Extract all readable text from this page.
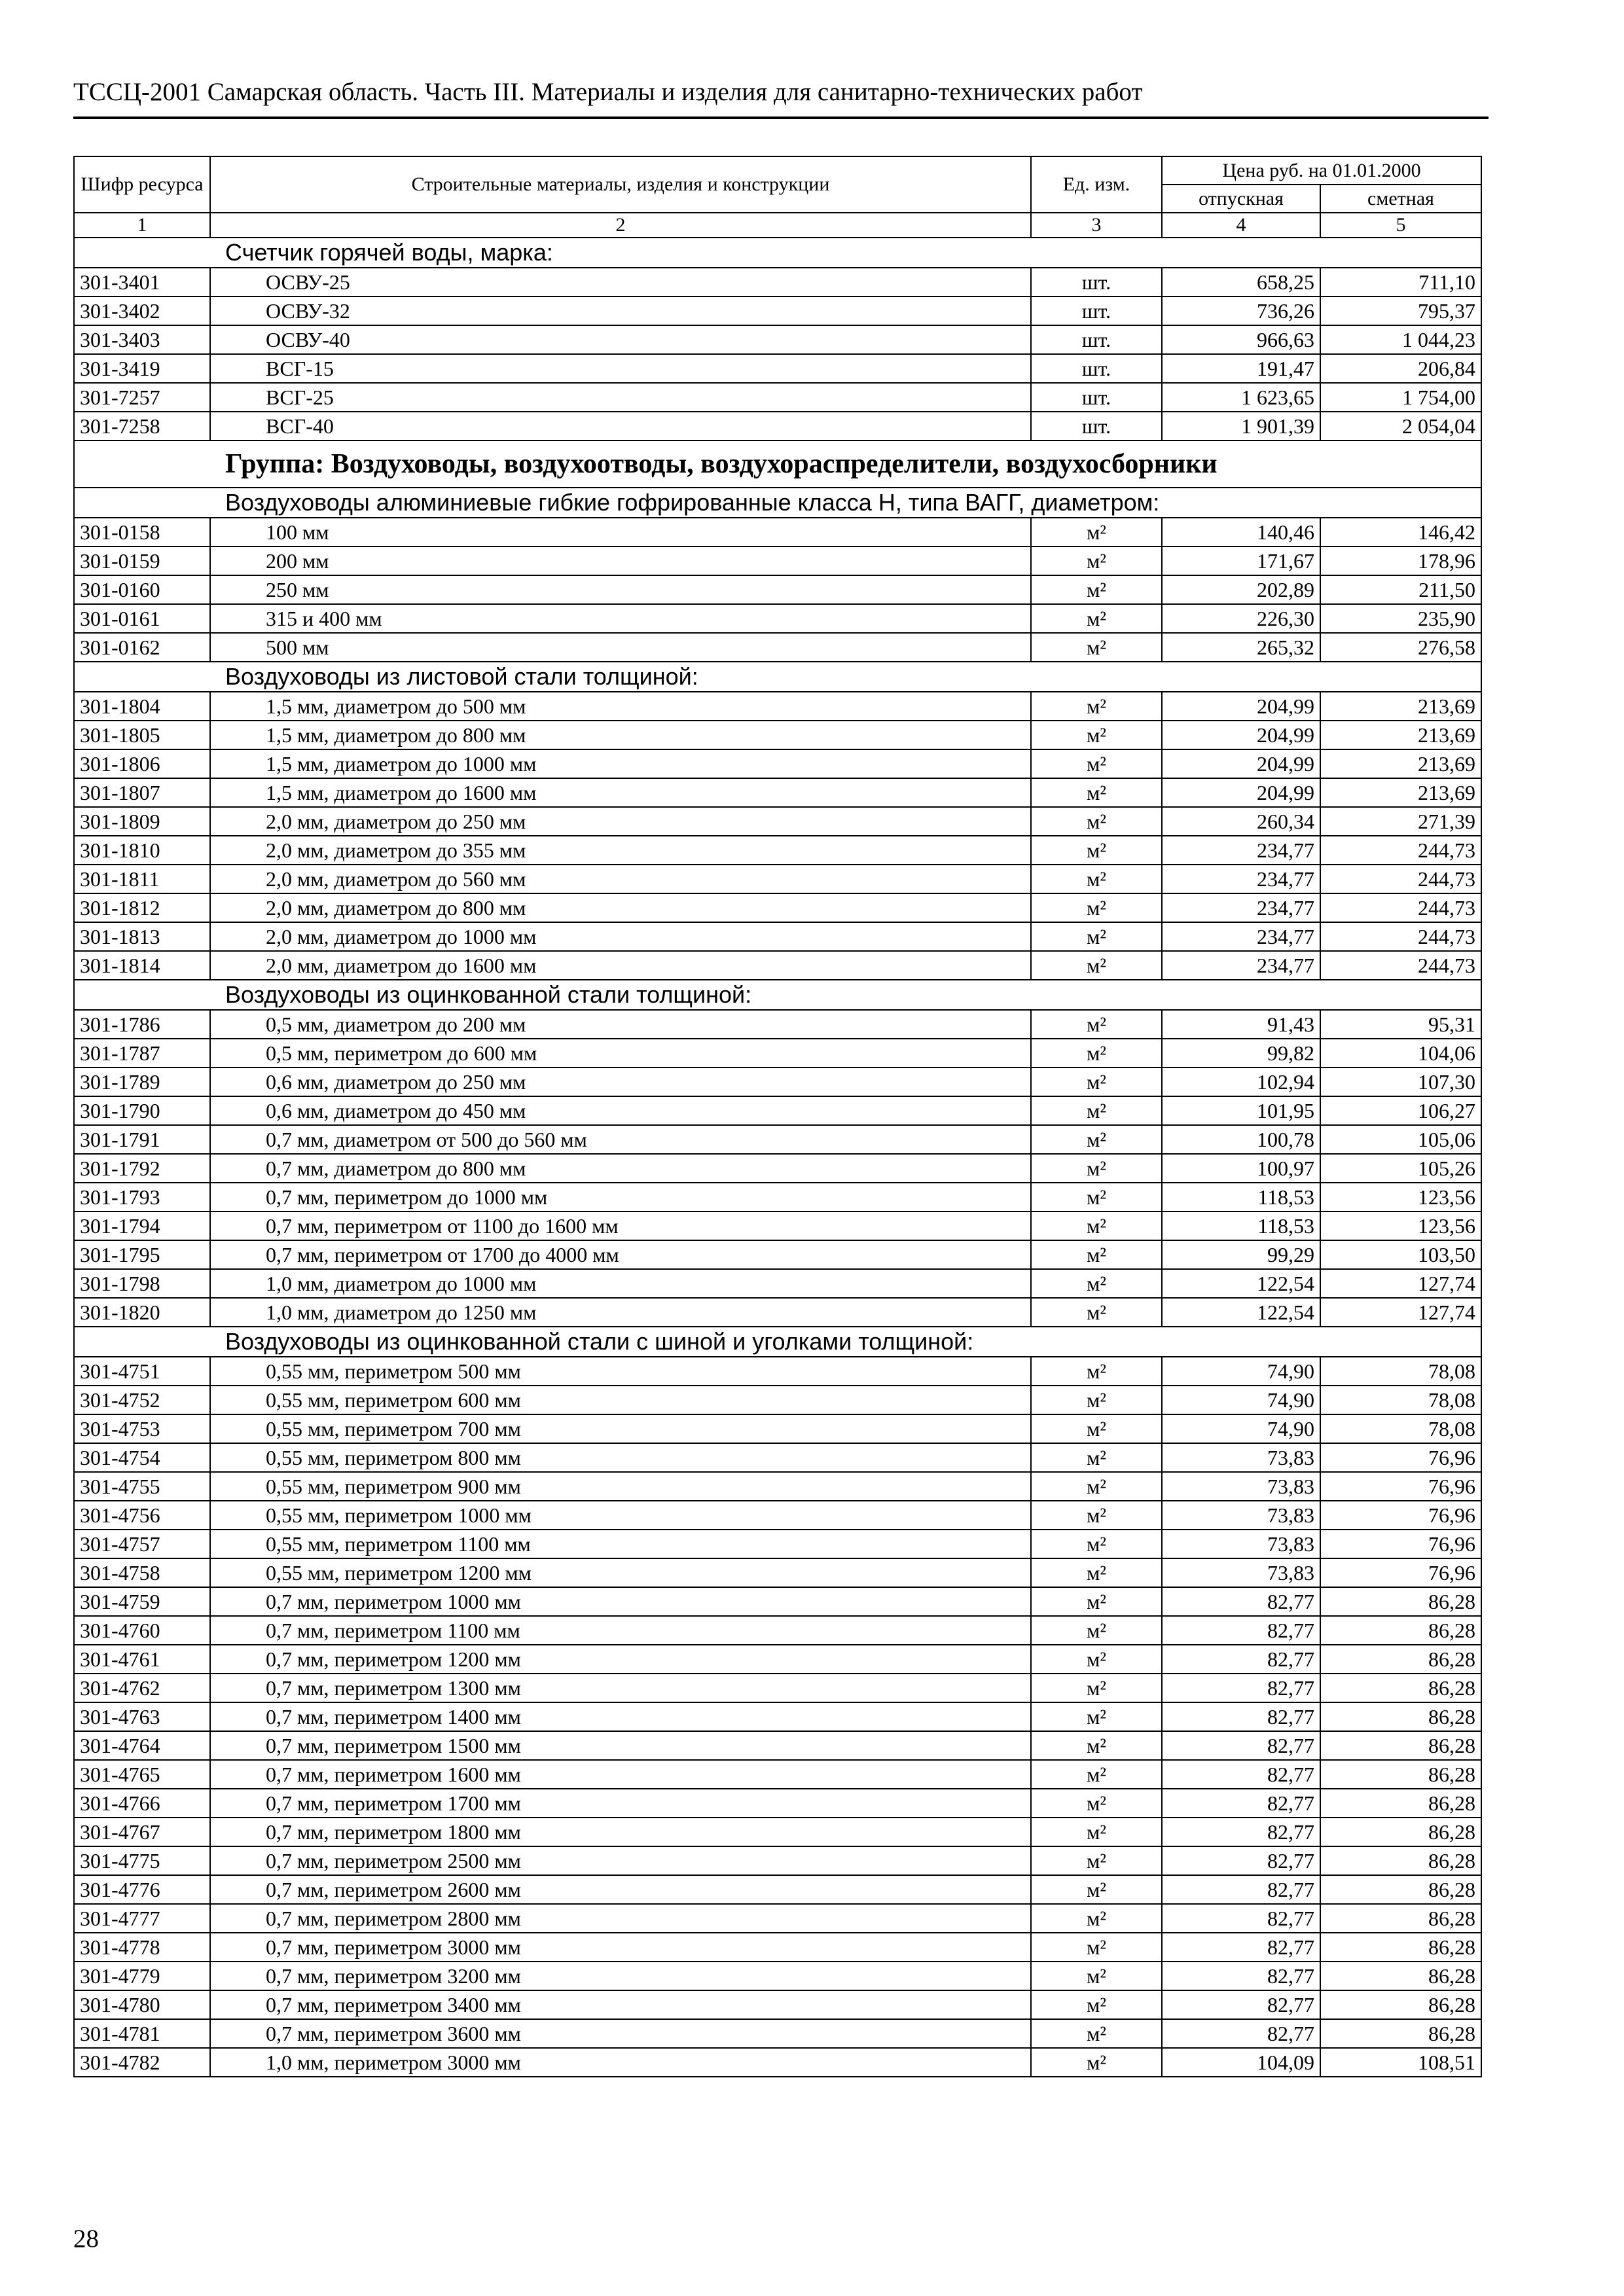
ТССЦ-2001 Самарская область. Часть III. Материалы и изделия для санитарно-технических работ
Шифр ресурса	Строительные материалы, изделия и конструкции	Ед. изм.	Цена руб. на 01.01.2000	
			отпускная	сметная
1	2	3	4	5
Счетчик горячей воды, марка:				
301-3401	ОСВУ-25	шт.	658,25	711,10
301-3402	ОСВУ-32	шт.	736,26	795,37
301-3403	ОСВУ-40	шт.	966,63	1 044,23
301-3419	ВСГ-15	шт.	191,47	206,84
301-7257	ВСГ-25	шт.	1 623,65	1 754,00
301-7258	ВСГ-40	шт.	1 901,39	2 054,04
Группа: Воздуховоды, воздухоотводы, воздухораспределители, воздухосборники				
Воздуховоды алюминиевые гибкие гофрированные класса Н, типа ВАГГ, диаметром:				
301-0158	100 мм	м²	140,46	146,42
301-0159	200 мм	м²	171,67	178,96
301-0160	250 мм	м²	202,89	211,50
301-0161	315 и 400 мм	м²	226,30	235,90
301-0162	500 мм	м²	265,32	276,58
Воздуховоды из листовой стали толщиной:				
301-1804	1,5 мм, диаметром до 500 мм	м²	204,99	213,69
301-1805	1,5 мм, диаметром до 800 мм	м²	204,99	213,69
301-1806	1,5 мм, диаметром до 1000 мм	м²	204,99	213,69
301-1807	1,5 мм, диаметром до 1600 мм	м²	204,99	213,69
301-1809	2,0 мм, диаметром до 250 мм	м²	260,34	271,39
301-1810	2,0 мм, диаметром до 355 мм	м²	234,77	244,73
301-1811	2,0 мм, диаметром до 560 мм	м²	234,77	244,73
301-1812	2,0 мм, диаметром до 800 мм	м²	234,77	244,73
301-1813	2,0 мм, диаметром до 1000 мм	м²	234,77	244,73
301-1814	2,0 мм, диаметром до 1600 мм	м²	234,77	244,73
Воздуховоды из оцинкованной стали толщиной:				
301-1786	0,5 мм, диаметром до 200 мм	м²	91,43	95,31
301-1787	0,5 мм, периметром до 600 мм	м²	99,82	104,06
301-1789	0,6 мм, диаметром до 250 мм	м²	102,94	107,30
301-1790	0,6 мм, диаметром до 450 мм	м²	101,95	106,27
301-1791	0,7 мм, диаметром от 500 до 560 мм	м²	100,78	105,06
301-1792	0,7 мм, диаметром до 800 мм	м²	100,97	105,26
301-1793	0,7 мм, периметром до 1000 мм	м²	118,53	123,56
301-1794	0,7 мм, периметром от 1100 до 1600 мм	м²	118,53	123,56
301-1795	0,7 мм, периметром от 1700 до 4000 мм	м²	99,29	103,50
301-1798	1,0 мм, диаметром до 1000 мм	м²	122,54	127,74
301-1820	1,0 мм, диаметром до 1250 мм	м²	122,54	127,74
Воздуховоды из оцинкованной стали с шиной и уголками толщиной:				
301-4751	0,55 мм, периметром 500 мм	м²	74,90	78,08
301-4752	0,55 мм, периметром 600 мм	м²	74,90	78,08
301-4753	0,55 мм, периметром 700 мм	м²	74,90	78,08
301-4754	0,55 мм, периметром 800 мм	м²	73,83	76,96
301-4755	0,55 мм, периметром 900 мм	м²	73,83	76,96
301-4756	0,55 мм, периметром 1000 мм	м²	73,83	76,96
301-4757	0,55 мм, периметром 1100 мм	м²	73,83	76,96
301-4758	0,55 мм, периметром 1200 мм	м²	73,83	76,96
301-4759	0,7 мм, периметром 1000 мм	м²	82,77	86,28
301-4760	0,7 мм, периметром 1100 мм	м²	82,77	86,28
301-4761	0,7 мм, периметром 1200 мм	м²	82,77	86,28
301-4762	0,7 мм, периметром 1300 мм	м²	82,77	86,28
301-4763	0,7 мм, периметром 1400 мм	м²	82,77	86,28
301-4764	0,7 мм, периметром 1500 мм	м²	82,77	86,28
301-4765	0,7 мм, периметром 1600 мм	м²	82,77	86,28
301-4766	0,7 мм, периметром 1700 мм	м²	82,77	86,28
301-4767	0,7 мм, периметром 1800 мм	м²	82,77	86,28
301-4775	0,7 мм, периметром 2500 мм	м²	82,77	86,28
301-4776	0,7 мм, периметром 2600 мм	м²	82,77	86,28
301-4777	0,7 мм, периметром 2800 мм	м²	82,77	86,28
301-4778	0,7 мм, периметром 3000 мм	м²	82,77	86,28
301-4779	0,7 мм, периметром 3200 мм	м²	82,77	86,28
301-4780	0,7 мм, периметром 3400 мм	м²	82,77	86,28
301-4781	0,7 мм, периметром 3600 мм	м²	82,77	86,28
301-4782	1,0 мм, периметром 3000 мм	м²	104,09	108,51
28
